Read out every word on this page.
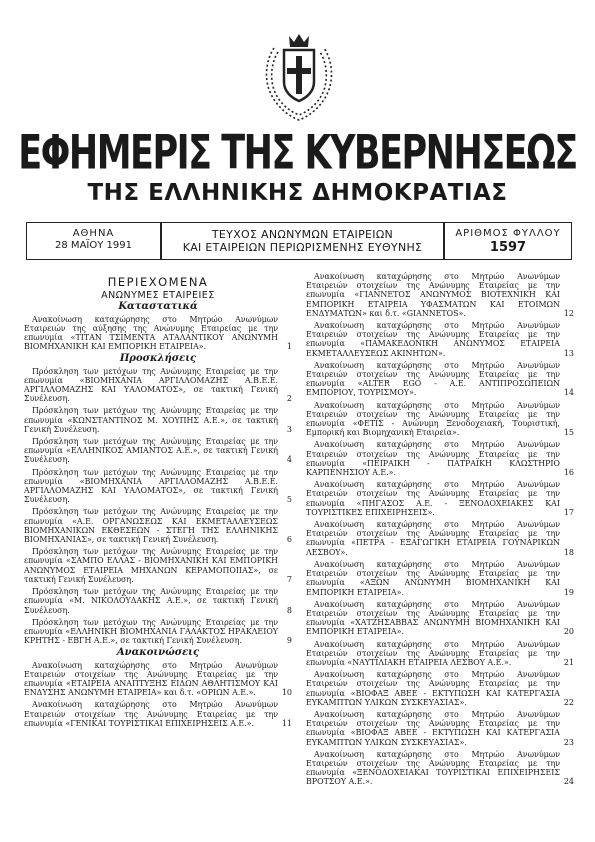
ΕΦΗΜΕΡΙΣ ΤΗΣ ΚΥΒΕΡΝΗΣΕΩΣ
ΤΗΣ ΕΛΛΗΝΙΚΗΣ ΔΗΜΟΚΡΑΤΙΑΣ
ΑΘΗΝΑ
28 ΜΑΪΟΥ 1991
ΤΕΥΧΟΣ ΑΝΩΝΥΜΩΝ ΕΤΑΙΡΕΙΩΝ
ΚΑΙ ΕΤΑΙΡΕΙΩΝ ΠΕΡΙΩΡΙΣΜΕΝΗΣ ΕΥΘΥΝΗΣ
ΑΡΙΘΜΟΣ ΦΥΛΛΟΥ
1597
ΠΕΡΙΕΧΟΜΕΝΑ
ΑΝΩΝΥΜΕΣ ΕΤΑΙΡΕΙΕΣ
Καταστατικά
Ανακοίνωση καταχώρησης στο Μητρώο Ανωνύμων Εταιρειών της αύξησης της Ανώνυμης Εταιρείας με την επωνυμία «ΤΙΤΑΝ ΤΣΙΜΕΝΤΑ ΑΤΑΛΑΝΤΙΚΟΥ ΑΝΩΝΥΜΗ ΒΙΟΜΗΧΑΝΙΚΗ ΚΑΙ ΕΜΠΟΡΙΚΗ ΕΤΑΙΡΕΙΑ».	1
Προσκλήσεις
Πρόσκληση των μετόχων της Ανώνυμης Εταιρείας με την επωνυμία «ΒΙΟΜΗΧΑΝΙΑ ΑΡΓΙΛΛΟΜΑΖΗΣ Α.Β.Ε.Ε. ΑΡΓΙΛΛΟΜΑΖΗΣ ΚΑΙ ΥΑΛΟΜΑΤΟΣ», σε τακτική Γενική Συνέλευση.	2
Πρόσκληση των μετόχων της Ανώνυμης Εταιρείας με την επωνυμία «ΚΩΝΣΤΑΝΤΙΝΟΣ Μ. ΧΟΥΠΗΣ Α.Ε.», σε τακτική Γενική Συνέλευση.	3
Πρόσκληση των μετόχων της Ανώνυμης Εταιρείας με την επωνυμία «ΕΛΛΗΝΙΚΟΣ ΑΜΙΑΝΤΟΣ Α.Ε.», σε τακτική Γενική Συνέλευση.	4
Πρόσκληση των μετόχων της Ανώνυμης Εταιρείας με την επωνυμία «ΒΙΟΜΗΧΑΝΙΑ ΑΡΓΙΛΛΟΜΑΖΗΣ Α.Β.Ε.Ε. ΑΡΓΙΛΛΟΜΑΖΗΣ ΚΑΙ ΥΑΛΟΜΑΤΟΣ», σε τακτική Γενική Συνέλευση.	5
Πρόσκληση των μετόχων της Ανώνυμης Εταιρείας με την επωνυμία «Α.Ε. ΟΡΓΑΝΩΣΕΩΣ ΚΑΙ ΕΚΜΕΤΑΛΛΕΥΣΕΩΣ ΒΙΟΜΗΧΑΝΙΚΩΝ ΕΚΘΕΣΕΩΝ - ΣΤΕΓΗ ΤΗΣ ΕΛΛΗΝΙΚΗΣ ΒΙΟΜΗΧΑΝΙΑΣ», σε τακτική Γενική Συνέλευση.	6
Πρόσκληση των μετόχων της Ανώνυμης Εταιρείας με την επωνυμία «ΣΑΜΠΟ ΕΛΛΑΣ - ΒΙΟΜΗΧΑΝΙΚΗ ΚΑΙ ΕΜΠΟΡΙΚΗ ΑΝΩΝΥΜΟΣ ΕΤΑΙΡΕΙΑ ΜΗΧΑΝΩΝ ΚΕΡΑΜΟΠΟΙΙΑΣ», σε τακτική Γενική Συνέλευση.	7
Πρόσκληση των μετόχων της Ανώνυμης Εταιρείας με την επωνυμία «Μ. ΝΙΚΟΛΟΥΔΑΚΗΣ Α.Ε.», σε τακτική Γενική Συνέλευση.	8
Πρόσκληση των μετόχων της Ανώνυμης Εταιρείας με την επωνυμία «ΕΛΛΗΝΙΚΗ ΒΙΟΜΗΧΑΝΙΑ ΓΑΛΑΚΤΟΣ ΗΡΑΚΛΕΙΟΥ ΚΡΗΤΗΣ - ΕΒΓΗ Α.Ε.», σε τακτική Γενική Συνέλευση.	9
Ανακοινώσεις
Ανακοίνωση καταχώρησης στο Μητρώο Ανωνύμων Εταιρειών στοιχείων της Ανώνυμης Εταιρείας με την επωνυμία «ΕΤΑΙΡΕΙΑ ΑΝΑΠΤΥΞΗΣ ΕΙΔΩΝ ΑΘΛΗΤΙΣΜΟΥ ΚΑΙ ΕΝΔΥΣΗΣ ΑΝΩΝΥΜΗ ΕΤΑΙΡΕΙΑ» και δ.τ. «ΟΡΙΩΝ Α.Ε.».	10
Ανακοίνωση καταχώρησης στο Μητρώο Ανωνύμων Εταιρειών στοιχείων της Ανώνυμης Εταιρείας με την επωνυμία «ΓΕΝΙΚΑΙ ΤΟΥΡΙΣΤΙΚΑΙ ΕΠΙΧΕΙΡΗΣΕΙΣ Α.Ε.».	11
Ανακοίνωση καταχώρησης στο Μητρώο Ανωνύμων Εταιρειών στοιχείων της Ανώνυμης Εταιρείας με την επωνυμία «ΓΙΑΝΝΕΤΟΣ ΑΝΩΝΥΜΟΣ ΒΙΟΤΕΧΝΙΚΗ ΚΑΙ ΕΜΠΟΡΙΚΗ ΕΤΑΙΡΕΙΑ ΥΦΑΣΜΑΤΩΝ ΚΑΙ ΕΤΟΙΜΩΝ ΕΝΔΥΜΑΤΩΝ» και δ.τ. «GIANNETOS».	12
Ανακοίνωση καταχώρησης στο Μητρώο Ανωνύμων Εταιρειών στοιχείων της Ανώνυμης Εταιρείας με την επωνυμία «ΠΑΜΑΚΕΔΟΝΙΚΗ ΑΝΩΝΥΜΟΣ ΕΤΑΙΡΕΙΑ ΕΚΜΕΤΑΛΛΕΥΣΕΩΣ ΑΚΙΝΗΤΩΝ».	13
Ανακοίνωση καταχώρησης στο Μητρώο Ανωνύμων Εταιρειών στοιχείων της Ανώνυμης Εταιρείας με την επωνυμία «ALTER EGO - Α.Ε. ΑΝΤΙΠΡΟΣΩΠΕΙΩΝ ΕΜΠΟΡΙΟΥ, ΤΟΥΡΙΣΜΟΥ».	14
Ανακοίνωση καταχώρησης στο Μητρώο Ανωνύμων Εταιρειών στοιχείων της Ανώνυμης Εταιρείας με την επωνυμία «ΦΕΤΙΣ - Ανώνυμη Ξενοδοχειακή, Τουριστική, Εμπορική και Βιομηχανική Εταιρεία».	15
Ανακοίνωση καταχώρησης στο Μητρώο Ανωνύμων Εταιρειών στοιχείων της Ανώνυμης Εταιρείας με την επωνυμία «ΠΕΙΡΑΙΚΗ - ΠΑΤΡΑΪΚΗ ΚΛΩΣΤΗΡΙΟ ΚΑΡΠΕΝΗΣΙΟΥ Α.Ε.».	16
Ανακοίνωση καταχώρησης στο Μητρώο Ανωνύμων Εταιρειών στοιχείων της Ανώνυμης Εταιρείας με την επωνυμία «ΠΗΓΑΣΟΣ Α.Ε. - ΞΕΝΟΔΟΧΕΙΑΚΕΣ ΚΑΙ ΤΟΥΡΙΣΤΙΚΕΣ ΕΠΙΧΕΙΡΗΣΕΙΣ».	17
Ανακοίνωση καταχώρησης στο Μητρώο Ανωνύμων Εταιρειών στοιχείων της Ανώνυμης Εταιρείας με την επωνυμία «ΠΕΤΡΑ - ΕΞΑΓΩΓΙΚΗ ΕΤΑΙΡΕΙΑ ΓΟΥΝΑΡΙΚΩΝ ΛΕΣΒΟΥ».	18
Ανακοίνωση καταχώρησης στο Μητρώο Ανωνύμων Εταιρειών στοιχείων της Ανώνυμης Εταιρείας με την επωνυμία «ΑΞΩΝ ΑΝΩΝΥΜΗ ΒΙΟΜΗΧΑΝΙΚΗ ΚΑΙ ΕΜΠΟΡΙΚΗ ΕΤΑΙΡΕΙΑ».	19
Ανακοίνωση καταχώρησης στο Μητρώο Ανωνύμων Εταιρειών στοιχείων της Ανώνυμης Εταιρείας με την επωνυμία «ΧΑΤΖΗΣΑΒΒΑΣ ΑΝΩΝΥΜΗ ΒΙΟΜΗΧΑΝΙΚΗ ΚΑΙ ΕΜΠΟΡΙΚΗ ΕΤΑΙΡΕΙΑ».	20
Ανακοίνωση καταχώρησης στο Μητρώο Ανωνύμων Εταιρειών στοιχείων της Ανώνυμης Εταιρείας με την επωνυμία «ΝΑΥΤΙΛΙΑΚΗ ΕΤΑΙΡΕΙΑ ΛΕΣΒΟΥ Α.Ε.».	21
Ανακοίνωση καταχώρησης στο Μητρώο Ανωνύμων Εταιρειών στοιχείων της Ανώνυμης Εταιρείας με την επωνυμία «ΒΙΟΦΑΞ ΑΒΕΕ - ΕΚΤΥΠΩΣΗ ΚΑΙ ΚΑΤΕΡΓΑΣΙΑ ΕΥΚΑΜΠΤΩΝ ΥΛΙΚΩΝ ΣΥΣΚΕΥΑΣΙΑΣ».	22
Ανακοίνωση καταχώρησης στο Μητρώο Ανωνύμων Εταιρειών στοιχείων της Ανώνυμης Εταιρείας με την επωνυμία «ΒΙΟΦΑΞ ΑΒΕΕ - ΕΚΤΥΠΩΣΗ ΚΑΙ ΚΑΤΕΡΓΑΣΙΑ ΕΥΚΑΜΠΤΩΝ ΥΛΙΚΩΝ ΣΥΣΚΕΥΑΣΙΑΣ».	23
Ανακοίνωση καταχώρησης στο Μητρώο Ανωνύμων Εταιρειών στοιχείων της Ανώνυμης Εταιρείας με την επωνυμία «ΞΕΝΟΔΟΧΕΙΑΚΑΙ ΤΟΥΡΙΣΤΙΚΑΙ ΕΠΙΧΕΙΡΗΣΕΙΣ ΒΡΟΤΣΟΥ Α.Ε.».	24
